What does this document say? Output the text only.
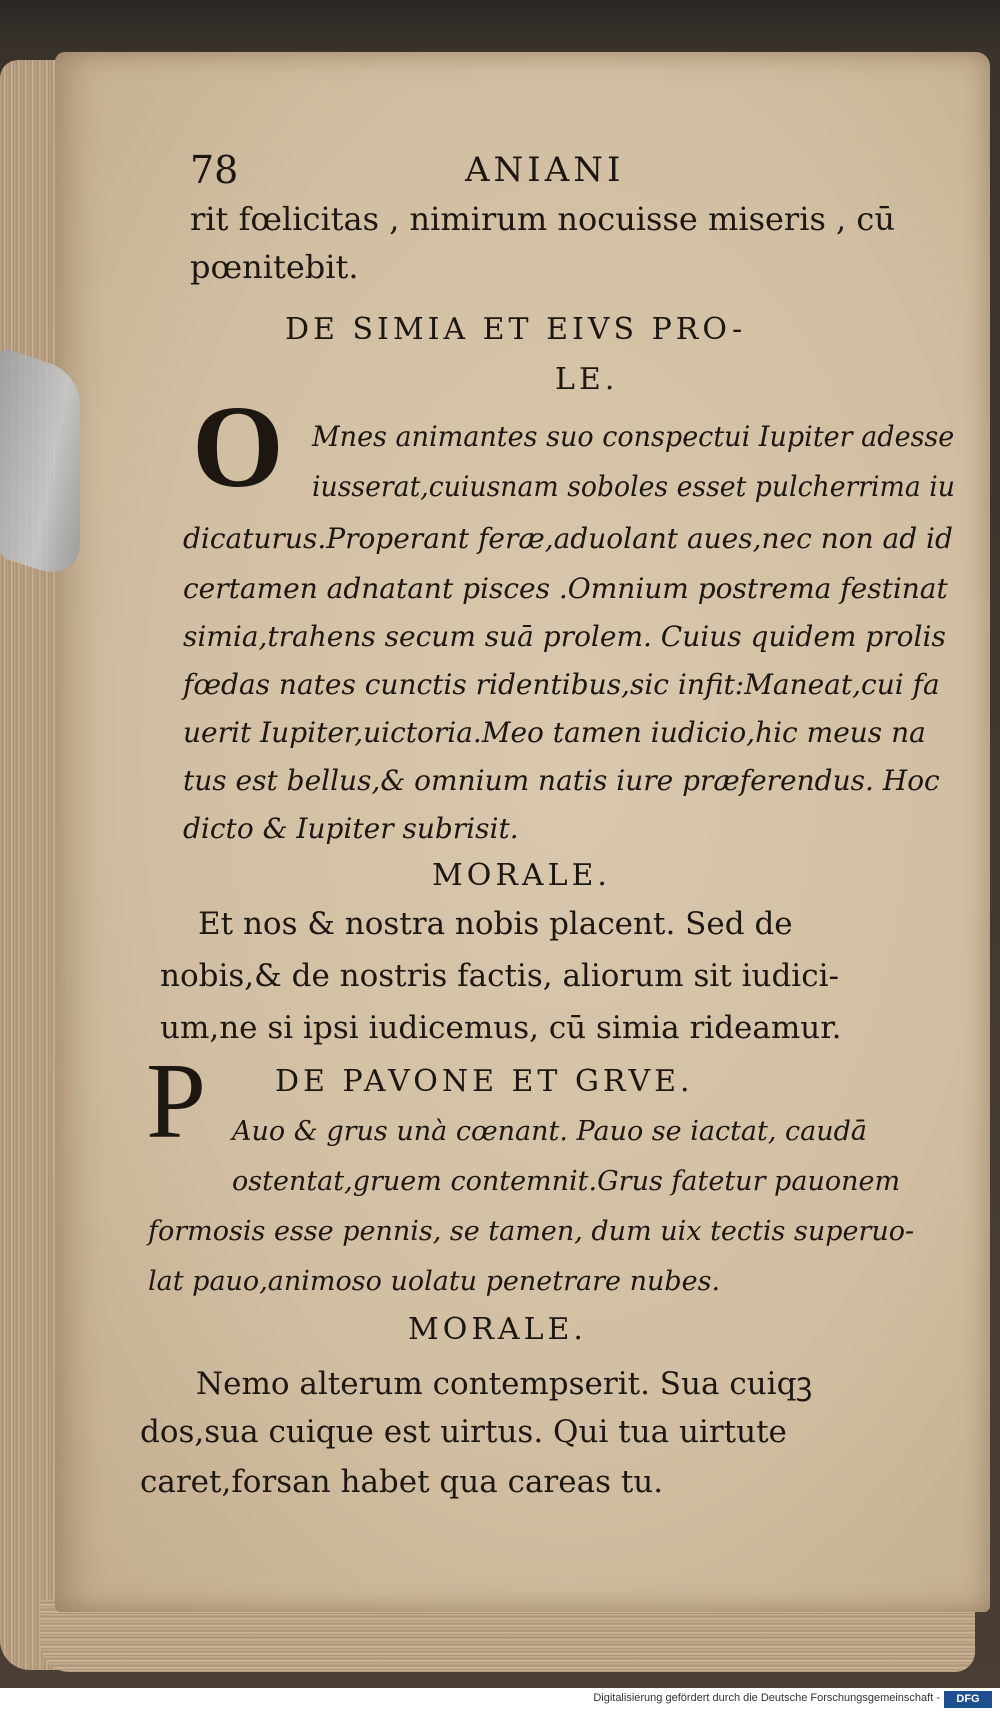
78	ANIANI
rit fœlicitas , nimirum nocuisse miseris , cū
pœnitebit.
DE SIMIA ET EIVS PRO-
LE.
O Mnes animantes suo conspectui Iupiter adesse
iusserat,cuiusnam soboles esset pulcherrima iu
dicaturus.Properant feræ,aduolant aues,nec non ad id
certamen adnatant pisces .Omnium postrema festinat
simia,trahens secum suā prolem. Cuius quidem prolis
fœdas nates cunctis ridentibus,sic infit:Maneat,cui fa
uerit Iupiter,uictoria.Meo tamen iudicio,hic meus na
tus est bellus,& omnium natis iure præferendus. Hoc
dicto & Iupiter subrisit.
MORALE.
Et nos & nostra nobis placent. Sed de
nobis,& de nostris factis, aliorum sit iudici-
um,ne si ipsi iudicemus, cū simia rideamur.
P DE PAVONE ET GRVE.
Auo & grus unà cœnant. Pauo se iactat, caudā
ostentat,gruem contemnit.Grus fatetur pauonem
formosis esse pennis, se tamen, dum uix tectis superuo-
lat pauo,animoso uolatu penetrare nubes.
MORALE.
Nemo alterum contempserit. Sua cuiqꝫ
dos,sua cuique est uirtus. Qui tua uirtute
caret,forsan habet qua careas tu.
Digitalisierung gefördert durch die Deutsche Forschungsgemeinschaft -	DFG
